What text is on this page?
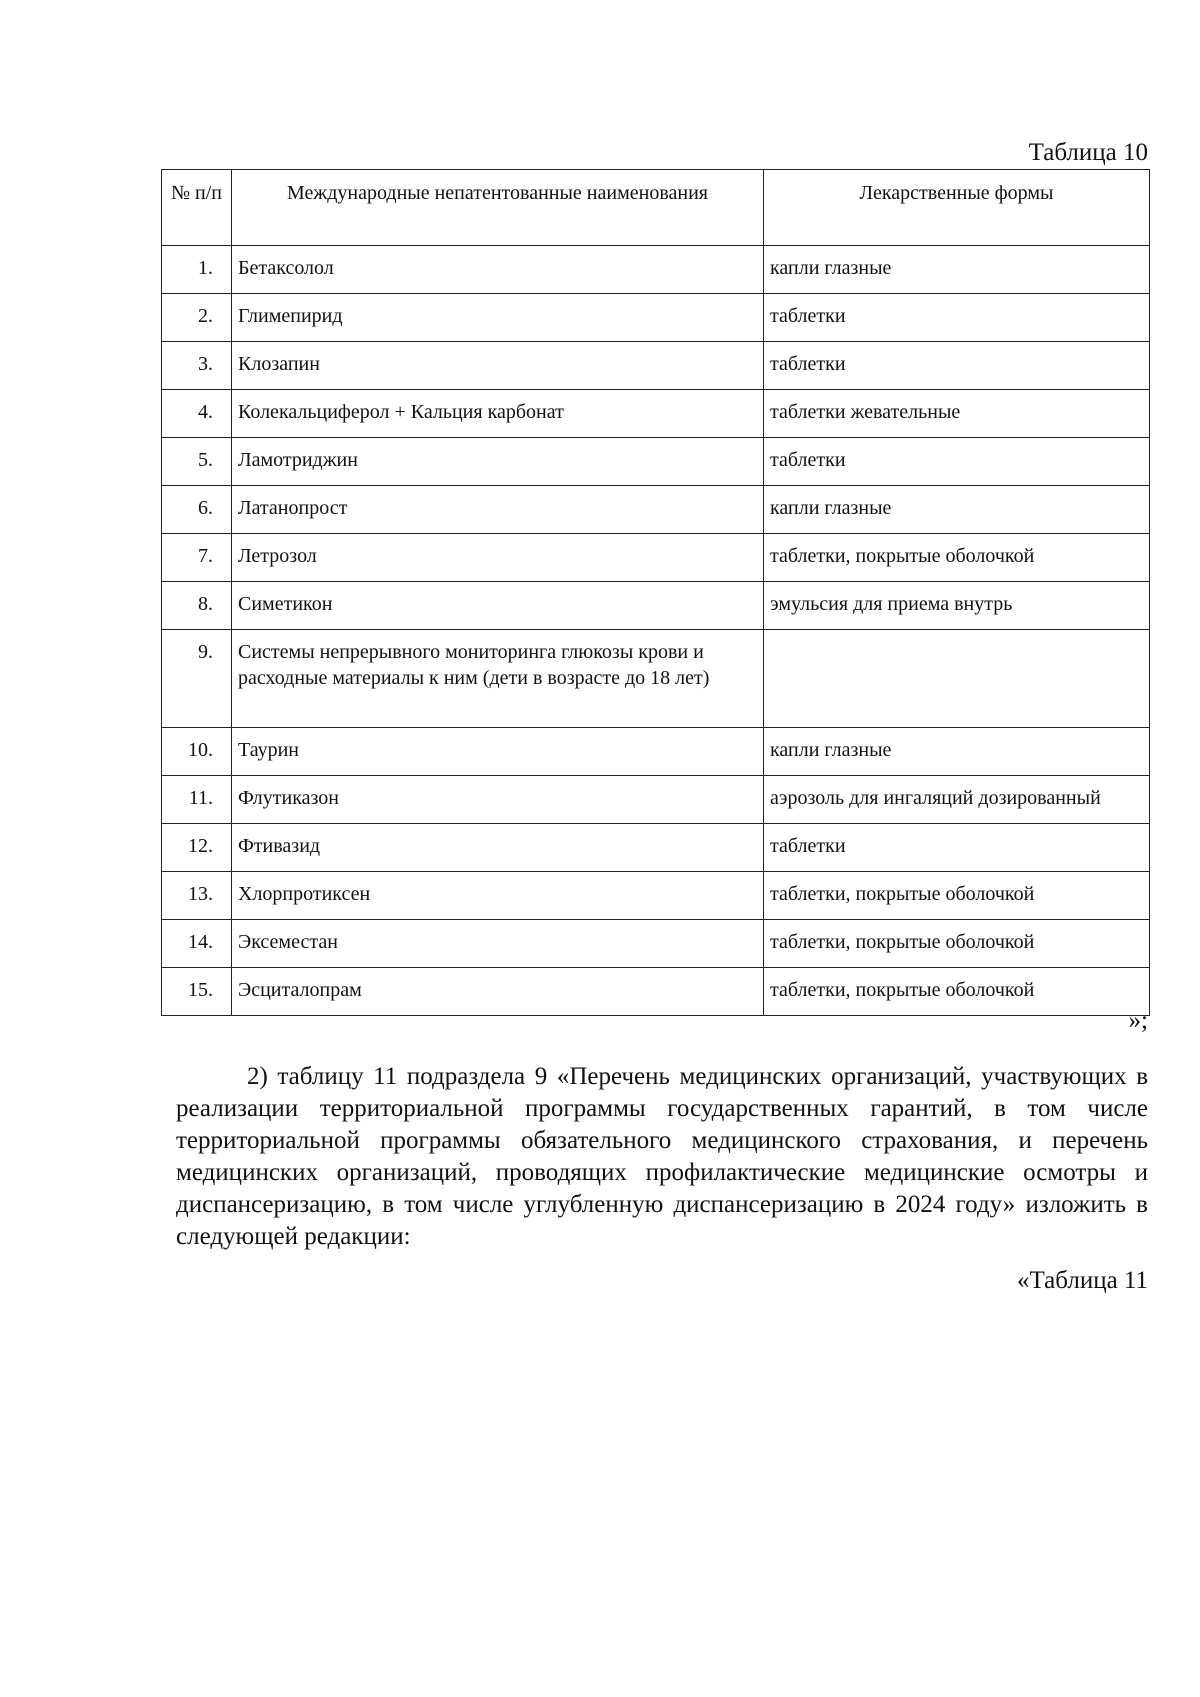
Таблица 10
№ п/п	Международные непатентованные наименования	Лекарственные формы
1.	Бетаксолол	капли глазные
2.	Глимепирид	таблетки
3.	Клозапин	таблетки
4.	Колекальциферол + Кальция карбонат	таблетки жевательные
5.	Ламотриджин	таблетки
6.	Латанопрост	капли глазные
7.	Летрозол	таблетки, покрытые оболочкой
8.	Симетикон	эмульсия для приема внутрь
9.	Системы непрерывного мониторинга глюкозы крови и расходные материалы к ним (дети в возрасте до 18 лет)	
10.	Таурин	капли глазные
11.	Флутиказон	аэрозоль для ингаляций дозированный
12.	Фтивазид	таблетки
13.	Хлорпротиксен	таблетки, покрытые оболочкой
14.	Эксеместан	таблетки, покрытые оболочкой
15.	Эсциталопрам	таблетки, покрытые оболочкой
»;

2) таблицу 11 подраздела 9 «Перечень медицинских организаций, участвующих в реализации территориальной программы государственных гарантий, в том числе территориальной программы обязательного медицинского страхования, и перечень медицинских организаций, проводящих профилактические медицинские осмотры и диспансеризацию, в том числе углубленную диспансеризацию в 2024 году» изложить в следующей редакции:

«Таблица 11
